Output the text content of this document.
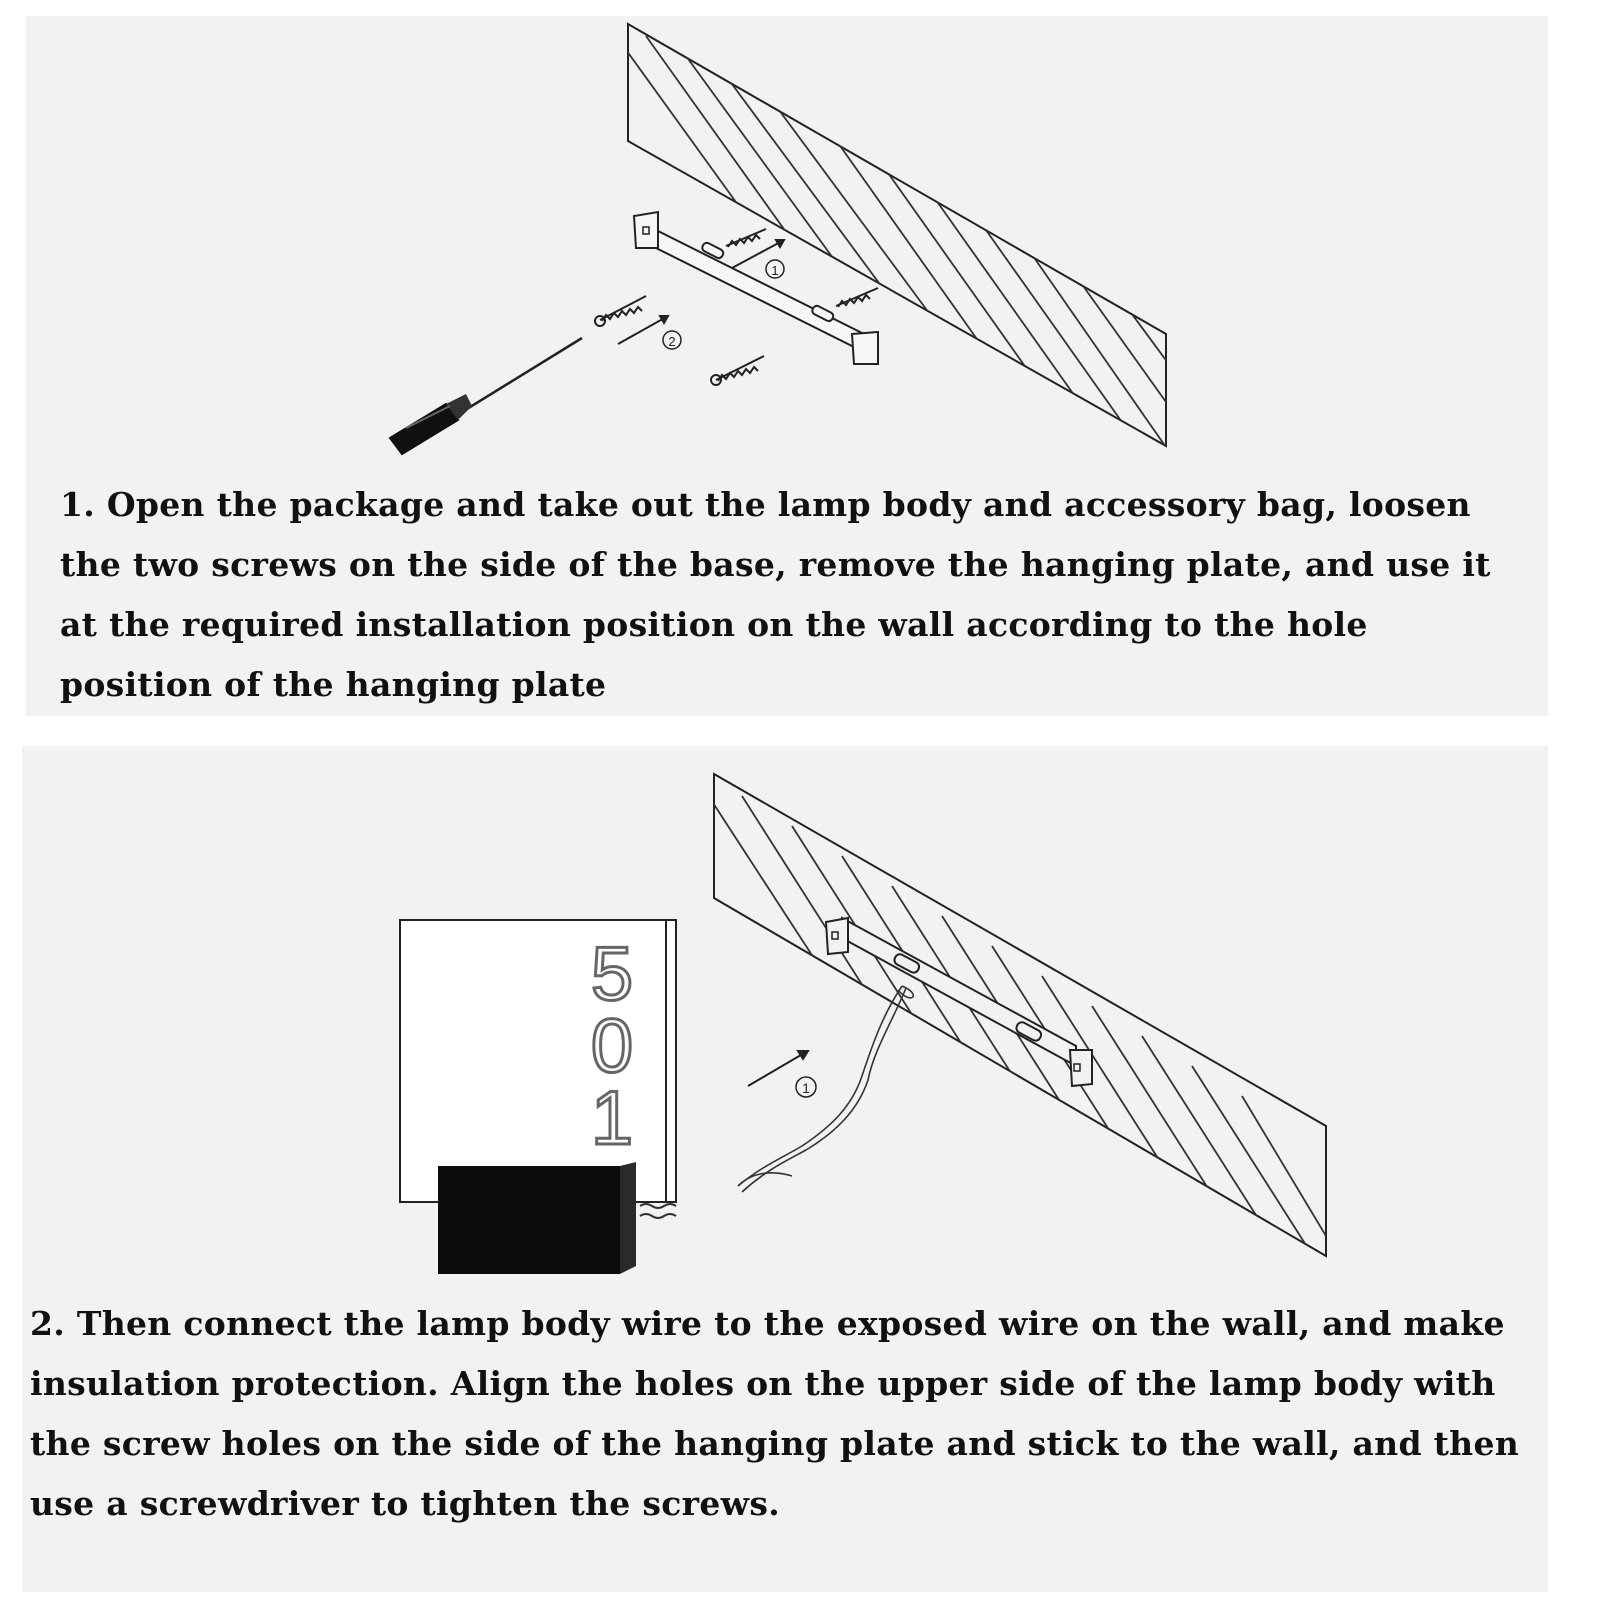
1
2

1. Open the package and take out the lamp body and accessory bag, loosen the two screws on the side of the base, remove the hanging plate, and use it at the required installation position on the wall according to the hole position of the hanging plate

1
5
0
1

2. Then connect the lamp body wire to the exposed wire on the wall, and make insulation protection. Align the holes on the upper side of the lamp body with the screw holes on the side of the hanging plate and stick to the wall, and then use a screwdriver to tighten the screws.
